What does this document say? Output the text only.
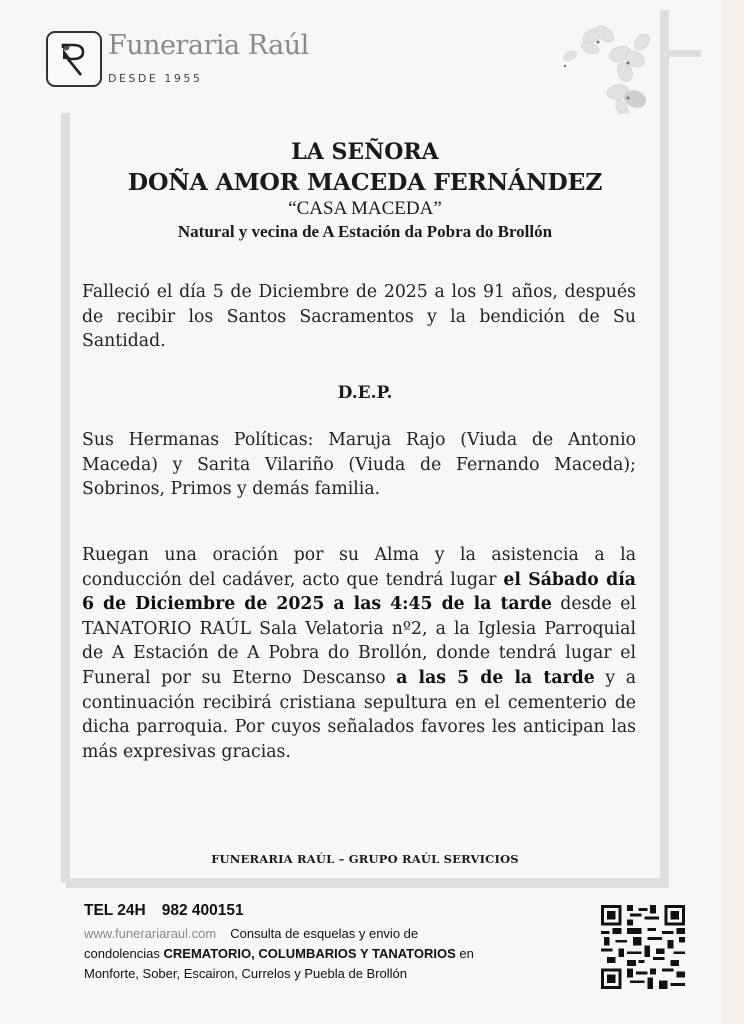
Funeraria Raúl
DESDE 1955
LA SEÑORA
DOÑA AMOR MACEDA FERNÁNDEZ
“CASA MACEDA”
Natural y vecina de A Estación da Pobra do Brollón
Falleció el día 5 de Diciembre de 2025 a los 91 años, después de recibir los Santos Sacramentos y la bendición de Su Santidad.
D.E.P.
Sus Hermanas Políticas: Maruja Rajo (Viuda de Antonio Maceda) y Sarita Vilariño (Viuda de Fernando Maceda); Sobrinos, Primos y demás familia.
Ruegan una oración por su Alma y la asistencia a la conducción del cadáver, acto que tendrá lugar el Sábado día 6 de Diciembre de 2025 a las 4:45 de la tarde desde el TANATORIO RAÚL Sala Velatoria nº2, a la Iglesia Parroquial de A Estación de A Pobra do Brollón, donde tendrá lugar el Funeral por su Eterno Descanso a las 5 de la tarde y a continuación recibirá cristiana sepultura en el cementerio de dicha parroquia. Por cuyos señalados favores les anticipan las más expresivas gracias.
FUNERARIA RAÚL – GRUPO RAÚL SERVICIOS
TEL 24H 982 400151
www.funerariaraul.com Consulta de esquelas y envio de
condolencias CREMATORIO, COLUMBARIOS Y TANATORIOS en
Monforte, Sober, Escairon, Currelos y Puebla de Brollón
